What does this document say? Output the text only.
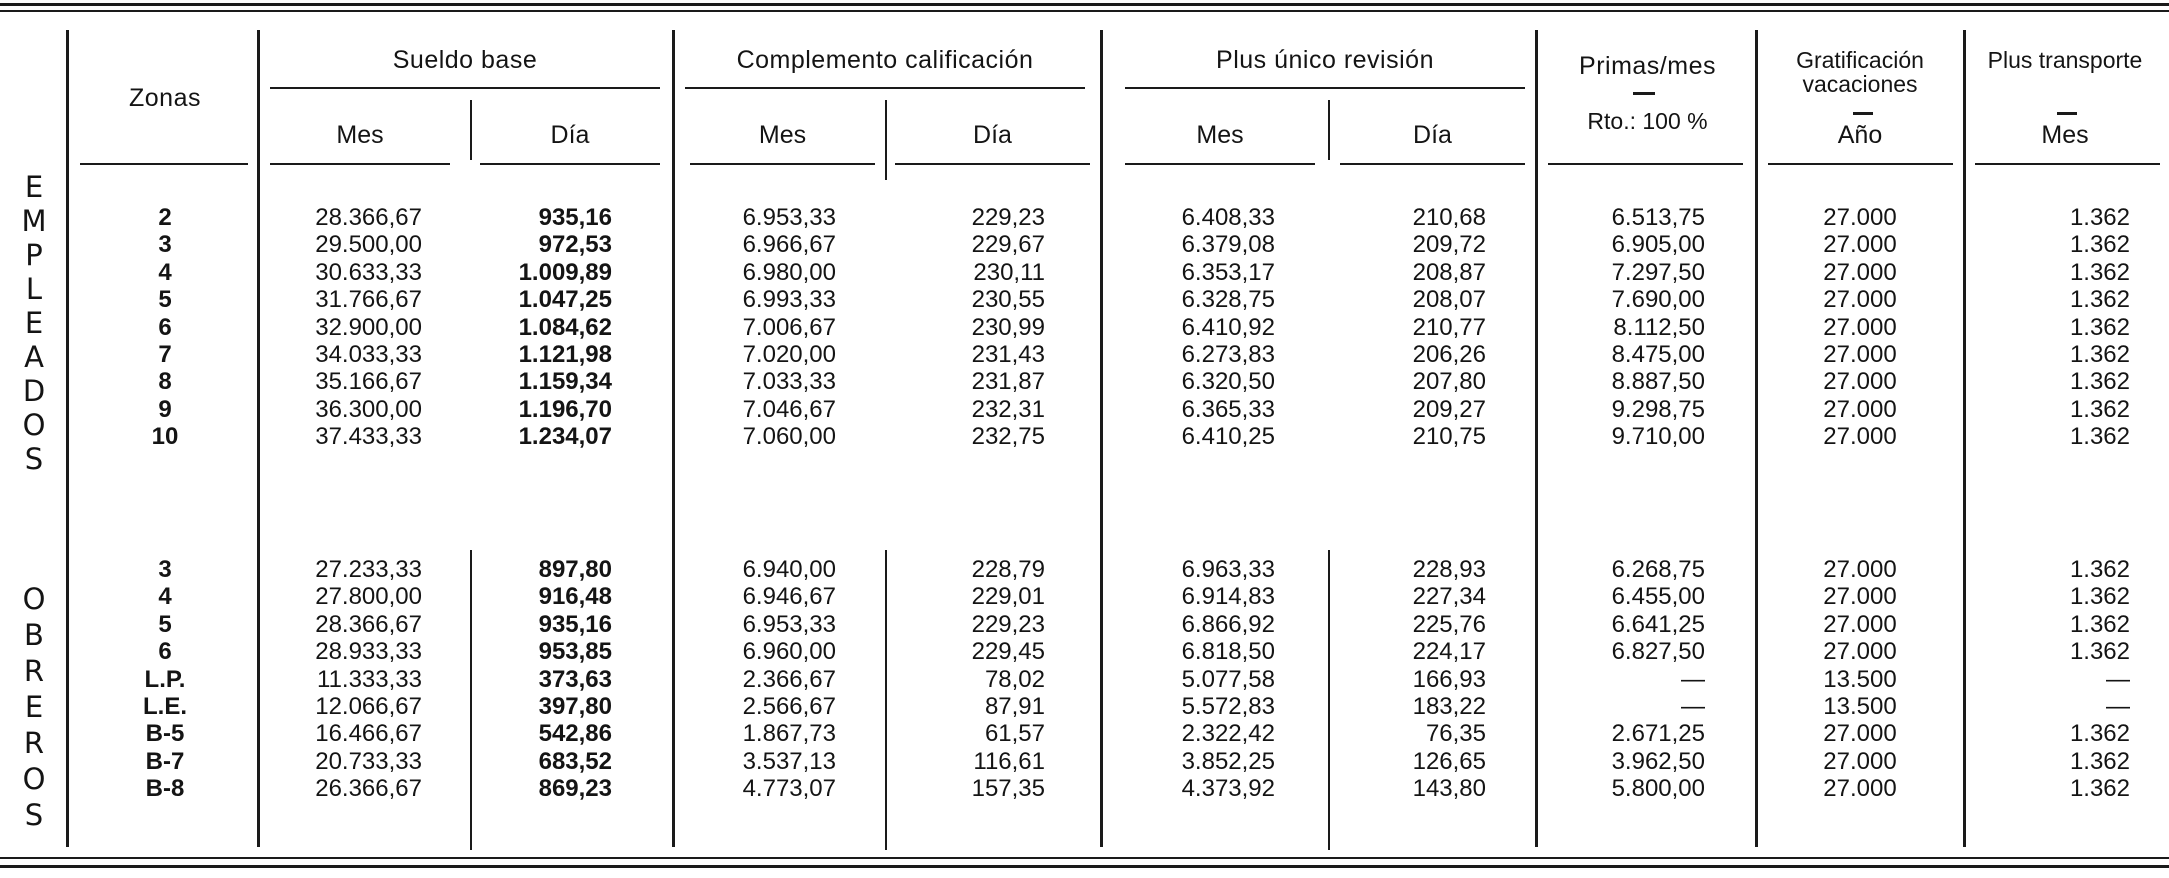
Zonas
Sueldo base	Complemento calificación	Plus único revisión	Primas/mes
Rto.: 100 %
Gratificación vacaciones
Año
Plus transporte
Mes
Mes	Día	Mes	Día	Mes	Día
E
M
P
L
E
A
D
O
S
O
B
R
E
R
O
S
2	28.366,67	935,16	6.953,33	229,23	6.408,33	210,68	6.513,75	27.000	1.362
3	29.500,00	972,53	6.966,67	229,67	6.379,08	209,72	6.905,00	27.000	1.362
4	30.633,33	1.009,89	6.980,00	230,11	6.353,17	208,87	7.297,50	27.000	1.362
5	31.766,67	1.047,25	6.993,33	230,55	6.328,75	208,07	7.690,00	27.000	1.362
6	32.900,00	1.084,62	7.006,67	230,99	6.410,92	210,77	8.112,50	27.000	1.362
7	34.033,33	1.121,98	7.020,00	231,43	6.273,83	206,26	8.475,00	27.000	1.362
8	35.166,67	1.159,34	7.033,33	231,87	6.320,50	207,80	8.887,50	27.000	1.362
9	36.300,00	1.196,70	7.046,67	232,31	6.365,33	209,27	9.298,75	27.000	1.362
10	37.433,33	1.234,07	7.060,00	232,75	6.410,25	210,75	9.710,00	27.000	1.362
3	27.233,33	897,80	6.940,00	228,79	6.963,33	228,93	6.268,75	27.000	1.362
4	27.800,00	916,48	6.946,67	229,01	6.914,83	227,34	6.455,00	27.000	1.362
5	28.366,67	935,16	6.953,33	229,23	6.866,92	225,76	6.641,25	27.000	1.362
6	28.933,33	953,85	6.960,00	229,45	6.818,50	224,17	6.827,50	27.000	1.362
L.P.	11.333,33	373,63	2.366,67	78,02	5.077,58	166,93	—	13.500	—
L.E.	12.066,67	397,80	2.566,67	87,91	5.572,83	183,22	—	13.500	—
B-5	16.466,67	542,86	1.867,73	61,57	2.322,42	76,35	2.671,25	27.000	1.362
B-7	20.733,33	683,52	3.537,13	116,61	3.852,25	126,65	3.962,50	27.000	1.362
B-8	26.366,67	869,23	4.773,07	157,35	4.373,92	143,80	5.800,00	27.000	1.362
